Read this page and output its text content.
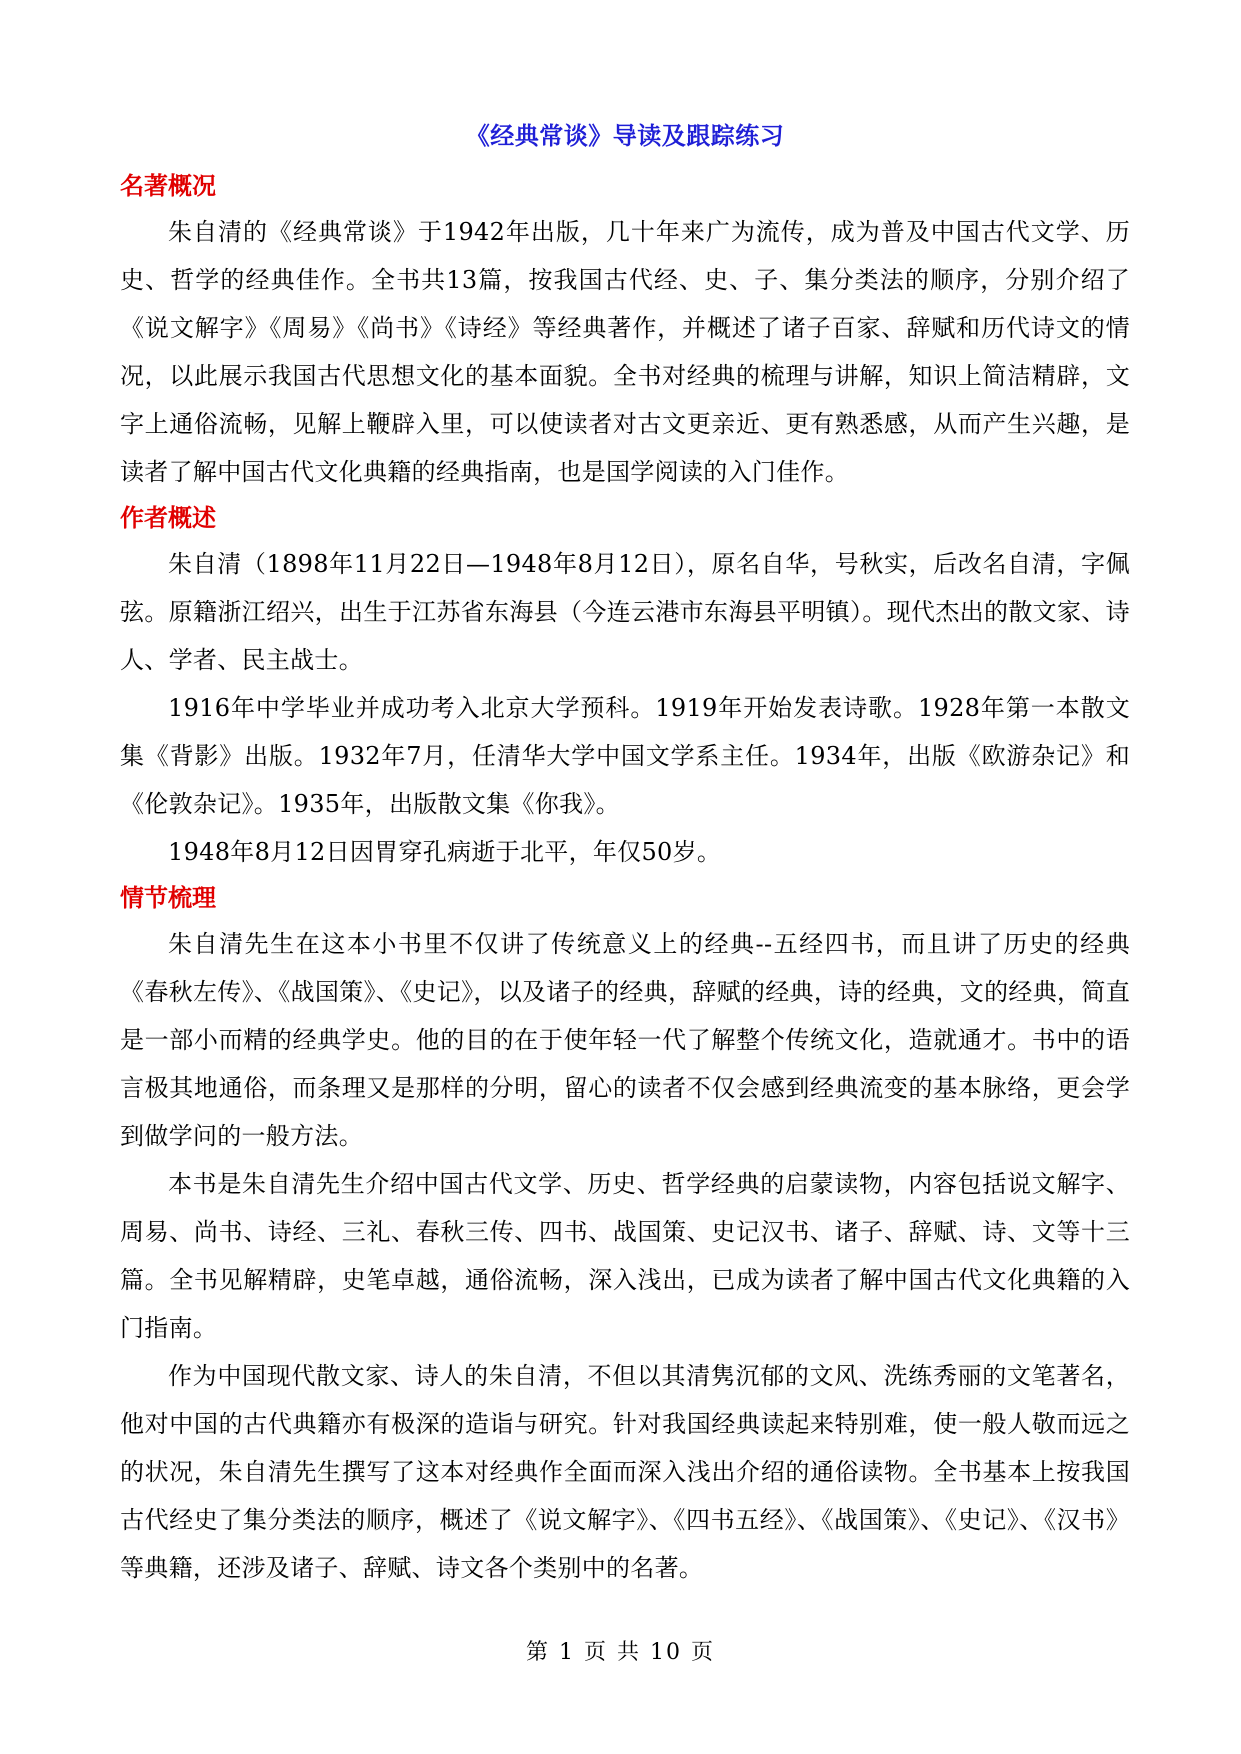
《经典常谈》导读及跟踪练习
名著概况

朱自清的《经典常谈》于1942年出版，几十年来广为流传，成为普及中国古代文学、历史、哲学的经典佳作。全书共13篇，按我国古代经、史、子、集分类法的顺序，分别介绍了《说文解字》《周易》《尚书》《诗经》等经典著作，并概述了诸子百家、辞赋和历代诗文的情况，以此展示我国古代思想文化的基本面貌。全书对经典的梳理与讲解，知识上简洁精辟，文字上通俗流畅，见解上鞭辟入里，可以使读者对古文更亲近、更有熟悉感，从而产生兴趣，是读者了解中国古代文化典籍的经典指南，也是国学阅读的入门佳作。

作者概述

朱自清（1898年11月22日—1948年8月12日），原名自华，号秋实，后改名自清，字佩弦。原籍浙江绍兴，出生于江苏省东海县（今连云港市东海县平明镇）。现代杰出的散文家、诗人、学者、民主战士。

1916年中学毕业并成功考入北京大学预科。1919年开始发表诗歌。1928年第一本散文集《背影》出版。1932年7月，任清华大学中国文学系主任。1934年，出版《欧游杂记》和《伦敦杂记》。1935年，出版散文集《你我》。

1948年8月12日因胃穿孔病逝于北平，年仅50岁。

情节梳理

朱自清先生在这本小书里不仅讲了传统意义上的经典--五经四书，而且讲了历史的经典《春秋左传》、《战国策》、《史记》，以及诸子的经典，辞赋的经典，诗的经典，文的经典，简直是一部小而精的经典学史。他的目的在于使年轻一代了解整个传统文化，造就通才。书中的语言极其地通俗，而条理又是那样的分明，留心的读者不仅会感到经典流变的基本脉络，更会学到做学问的一般方法。

本书是朱自清先生介绍中国古代文学、历史、哲学经典的启蒙读物，内容包括说文解字、周易、尚书、诗经、三礼、春秋三传、四书、战国策、史记汉书、诸子、辞赋、诗、文等十三篇。全书见解精辟，史笔卓越，通俗流畅，深入浅出，已成为读者了解中国古代文化典籍的入门指南。

作为中国现代散文家、诗人的朱自清，不但以其清隽沉郁的文风、洗练秀丽的文笔著名，他对中国的古代典籍亦有极深的造诣与研究。针对我国经典读起来特别难，使一般人敬而远之的状况，朱自清先生撰写了这本对经典作全面而深入浅出介绍的通俗读物。全书基本上按我国古代经史了集分类法的顺序，概述了《说文解字》、《四书五经》、《战国策》、《史记》、《汉书》等典籍，还涉及诸子、辞赋、诗文各个类别中的名著。

第 1 页 共 10 页
